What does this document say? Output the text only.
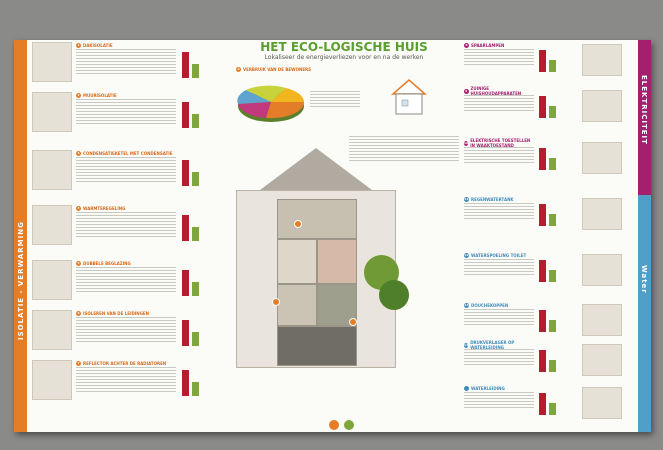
ISOLATIE - VERWARMING
ELEKTRICITEIT
Water
HET ECO-LOGISCHE HUIS
Lokaliseer de energieverliezen voor en na de werken
1 DAKISOLATIE
2 MUURISOLATIE
3 CONDENSATIEKETEL MET CONDENSATIE
4 WARMTEREGELING
5 DUBBELE BEGLAZING
6 ISOLEREN VAN DE LEIDINGEN
7 REFLECTOR ACHTER DE RADIATOREN
8 SPAARLAMPEN
9 ZUINIGE HUISHOUDAPPARATEN
10 ELEKTRISCHE TOESTELLEN IN WAAKTOESTAND
11 REGENWATERTANK
12 WATERSPOELING TOILET
13 DOUCHEKOPPEN
14 DRUKVERLAGER OP WATERLEIDING
WATERLEIDING
0 VERBRUIK VAN DE BEWONERS
